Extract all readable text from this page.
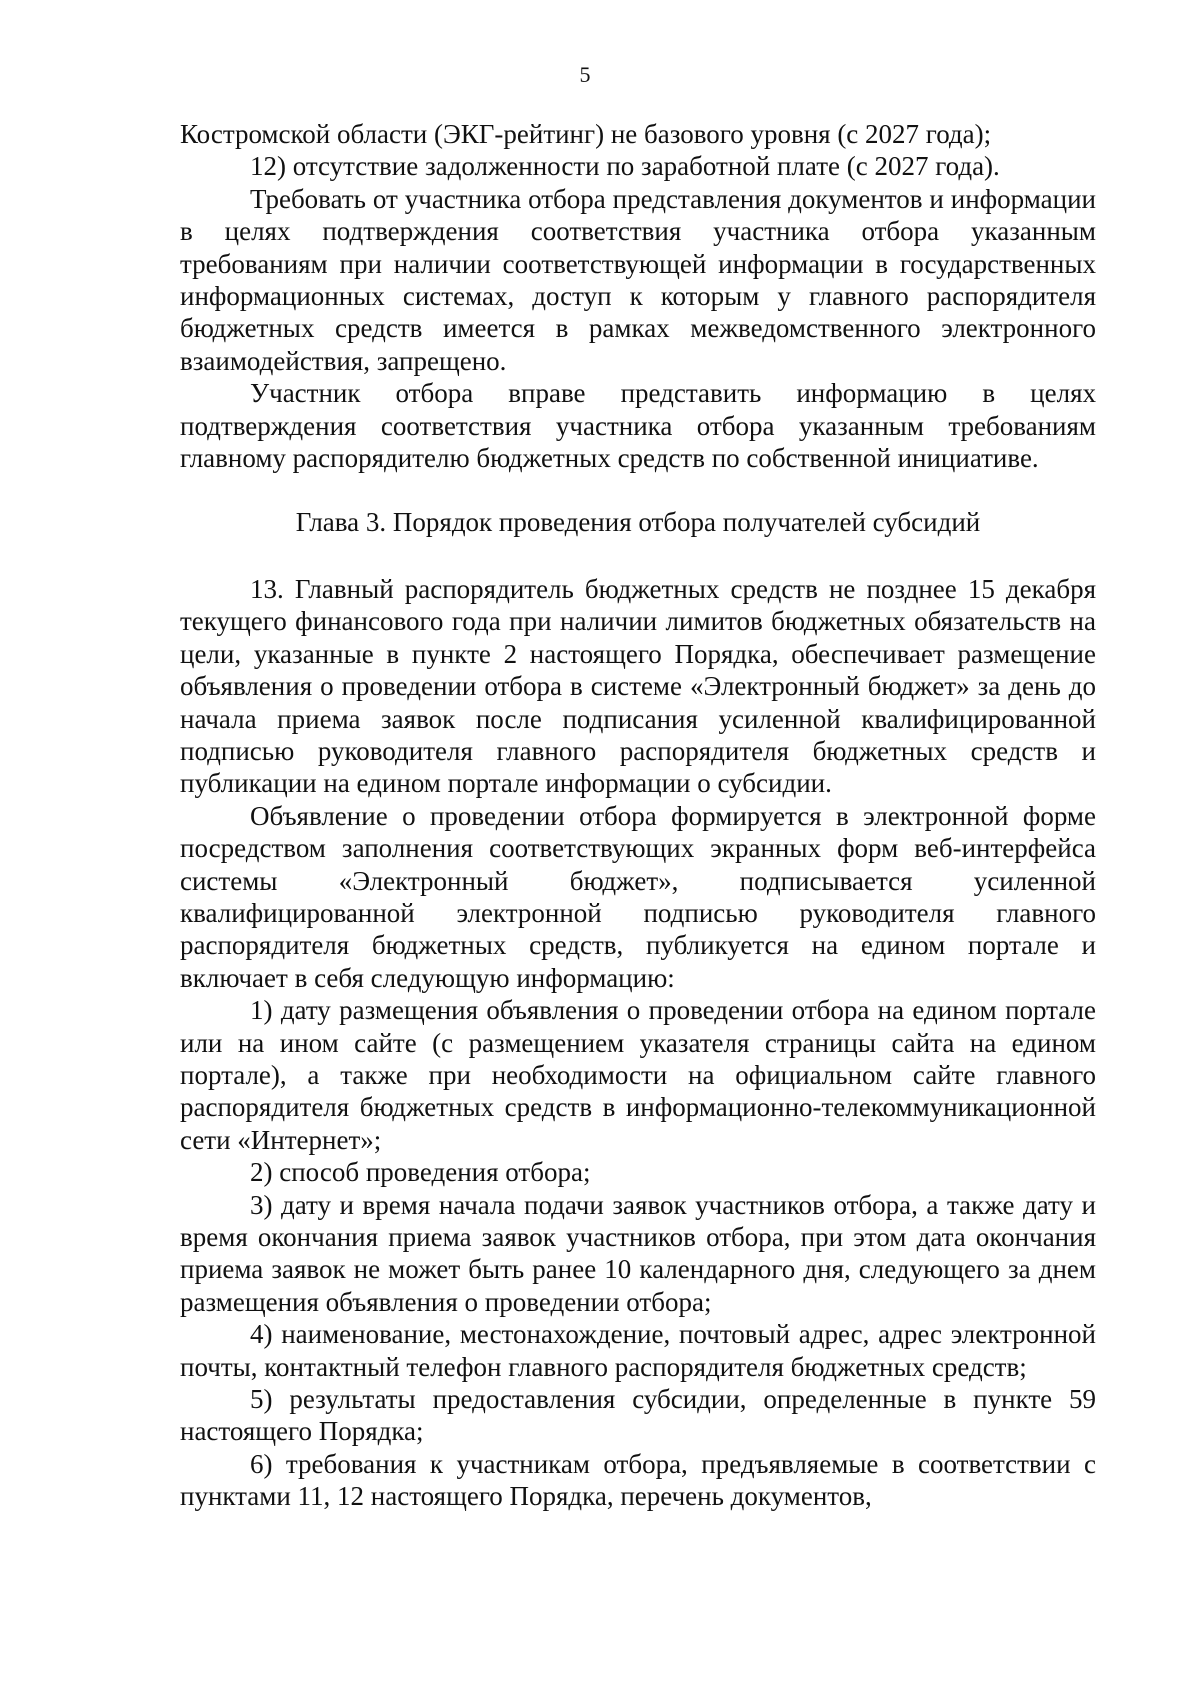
5

Костромской области (ЭКГ-рейтинг) не базового уровня (с 2027 года);

12) отсутствие задолженности по заработной плате (с 2027 года).

Требовать от участника отбора представления документов и информации в целях подтверждения соответствия участника отбора указанным требованиям при наличии соответствующей информации в государственных информационных системах, доступ к которым у главного распорядителя бюджетных средств имеется в рамках межведомственного электронного взаимодействия, запрещено.

Участник отбора вправе представить информацию в целях подтверждения соответствия участника отбора указанным требованиям главному распорядителю бюджетных средств по собственной инициативе.

Глава 3. Порядок проведения отбора получателей субсидий

13. Главный распорядитель бюджетных средств не позднее 15 декабря текущего финансового года при наличии лимитов бюджетных обязательств на цели, указанные в пункте 2 настоящего Порядка, обеспечивает размещение объявления о проведении отбора в системе «Электронный бюджет» за день до начала приема заявок после подписания усиленной квалифицированной подписью руководителя главного распорядителя бюджетных средств и публикации на едином портале информации о субсидии.

Объявление о проведении отбора формируется в электронной форме посредством заполнения соответствующих экранных форм веб-интерфейса системы «Электронный бюджет», подписывается усиленной квалифицированной электронной подписью руководителя главного распорядителя бюджетных средств, публикуется на едином портале и включает в себя следующую информацию:

1) дату размещения объявления о проведении отбора на едином портале или на ином сайте (с размещением указателя страницы сайта на едином портале), а также при необходимости на официальном сайте главного распорядителя бюджетных средств в информационно-телекоммуникационной сети «Интернет»;

2) способ проведения отбора;

3) дату и время начала подачи заявок участников отбора, а также дату и время окончания приема заявок участников отбора, при этом дата окончания приема заявок не может быть ранее 10 календарного дня, следующего за днем размещения объявления о проведении отбора;

4) наименование, местонахождение, почтовый адрес, адрес электронной почты, контактный телефон главного распорядителя бюджетных средств;

5) результаты предоставления субсидии, определенные в пункте 59 настоящего Порядка;

6) требования к участникам отбора, предъявляемые в соответствии с пунктами 11, 12 настоящего Порядка, перечень документов,
